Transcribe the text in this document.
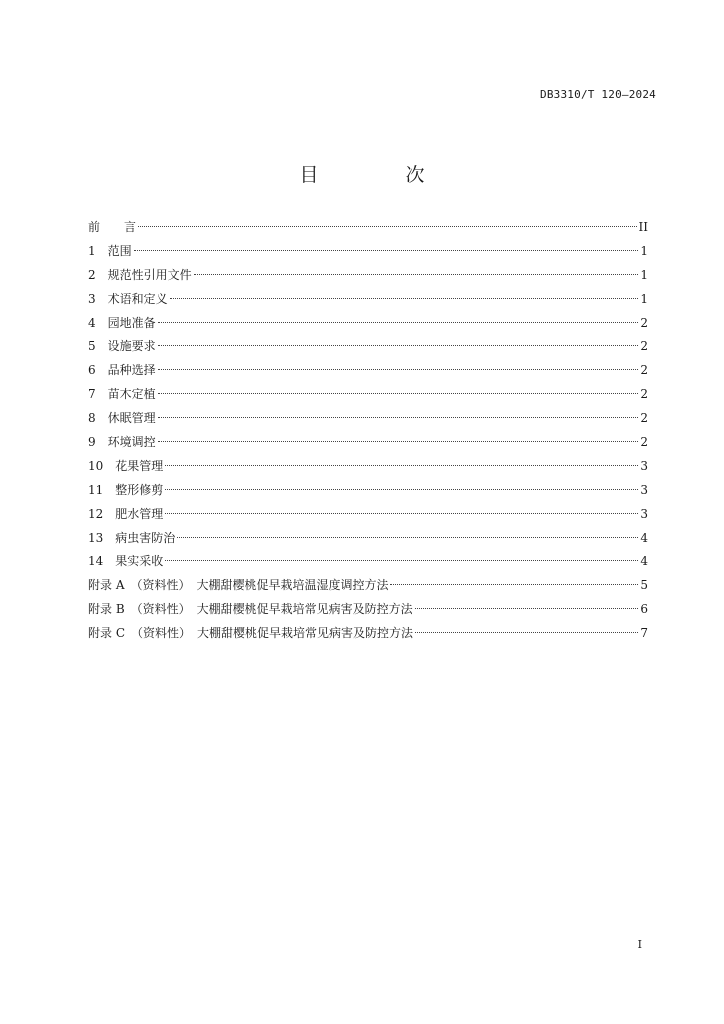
DB3310/T 120—2024
目　次
前　　言	II
1　范围	1
2　规范性引用文件	1
3　术语和定义	1
4　园地准备	2
5　设施要求	2
6　品种选择	2
7　苗木定植	2
8　休眠管理	2
9　环境调控	2
10　花果管理	3
11　整形修剪	3
12　肥水管理	3
13　病虫害防治	4
14　果实采收	4
附录 A　（资料性）　大棚甜樱桃促早栽培温湿度调控方法	5
附录 B　（资料性）　大棚甜樱桃促早栽培常见病害及防控方法	6
附录 C　（资料性）　大棚甜樱桃促早栽培常见病害及防控方法	7
I
